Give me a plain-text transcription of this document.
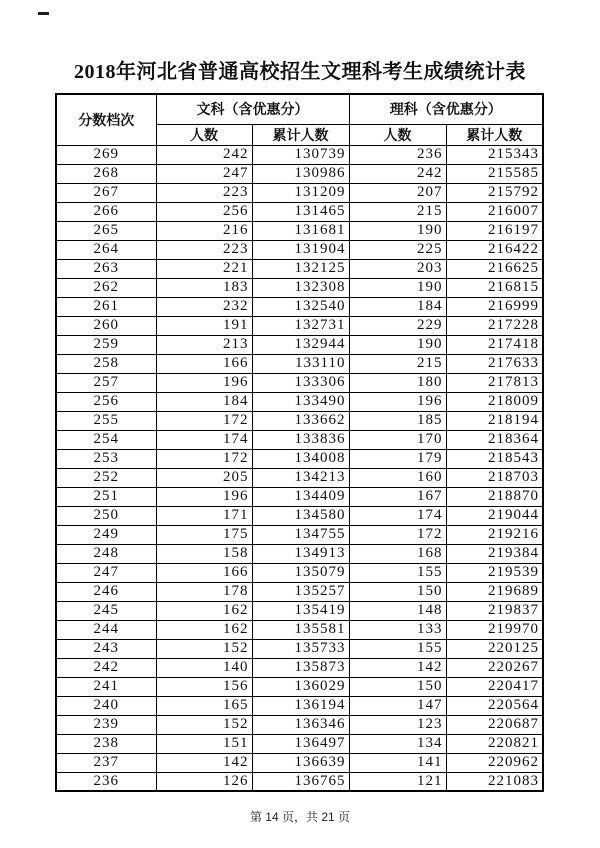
2018年河北省普通高校招生文理科考生成绩统计表
分数档次	文科（含优惠分）		理科（含优惠分）	
	人数	累计人数	人数	累计人数
269	242	130739	236	215343
268	247	130986	242	215585
267	223	131209	207	215792
266	256	131465	215	216007
265	216	131681	190	216197
264	223	131904	225	216422
263	221	132125	203	216625
262	183	132308	190	216815
261	232	132540	184	216999
260	191	132731	229	217228
259	213	132944	190	217418
258	166	133110	215	217633
257	196	133306	180	217813
256	184	133490	196	218009
255	172	133662	185	218194
254	174	133836	170	218364
253	172	134008	179	218543
252	205	134213	160	218703
251	196	134409	167	218870
250	171	134580	174	219044
249	175	134755	172	219216
248	158	134913	168	219384
247	166	135079	155	219539
246	178	135257	150	219689
245	162	135419	148	219837
244	162	135581	133	219970
243	152	135733	155	220125
242	140	135873	142	220267
241	156	136029	150	220417
240	165	136194	147	220564
239	152	136346	123	220687
238	151	136497	134	220821
237	142	136639	141	220962
236	126	136765	121	221083
第 14 页，共 21 页
